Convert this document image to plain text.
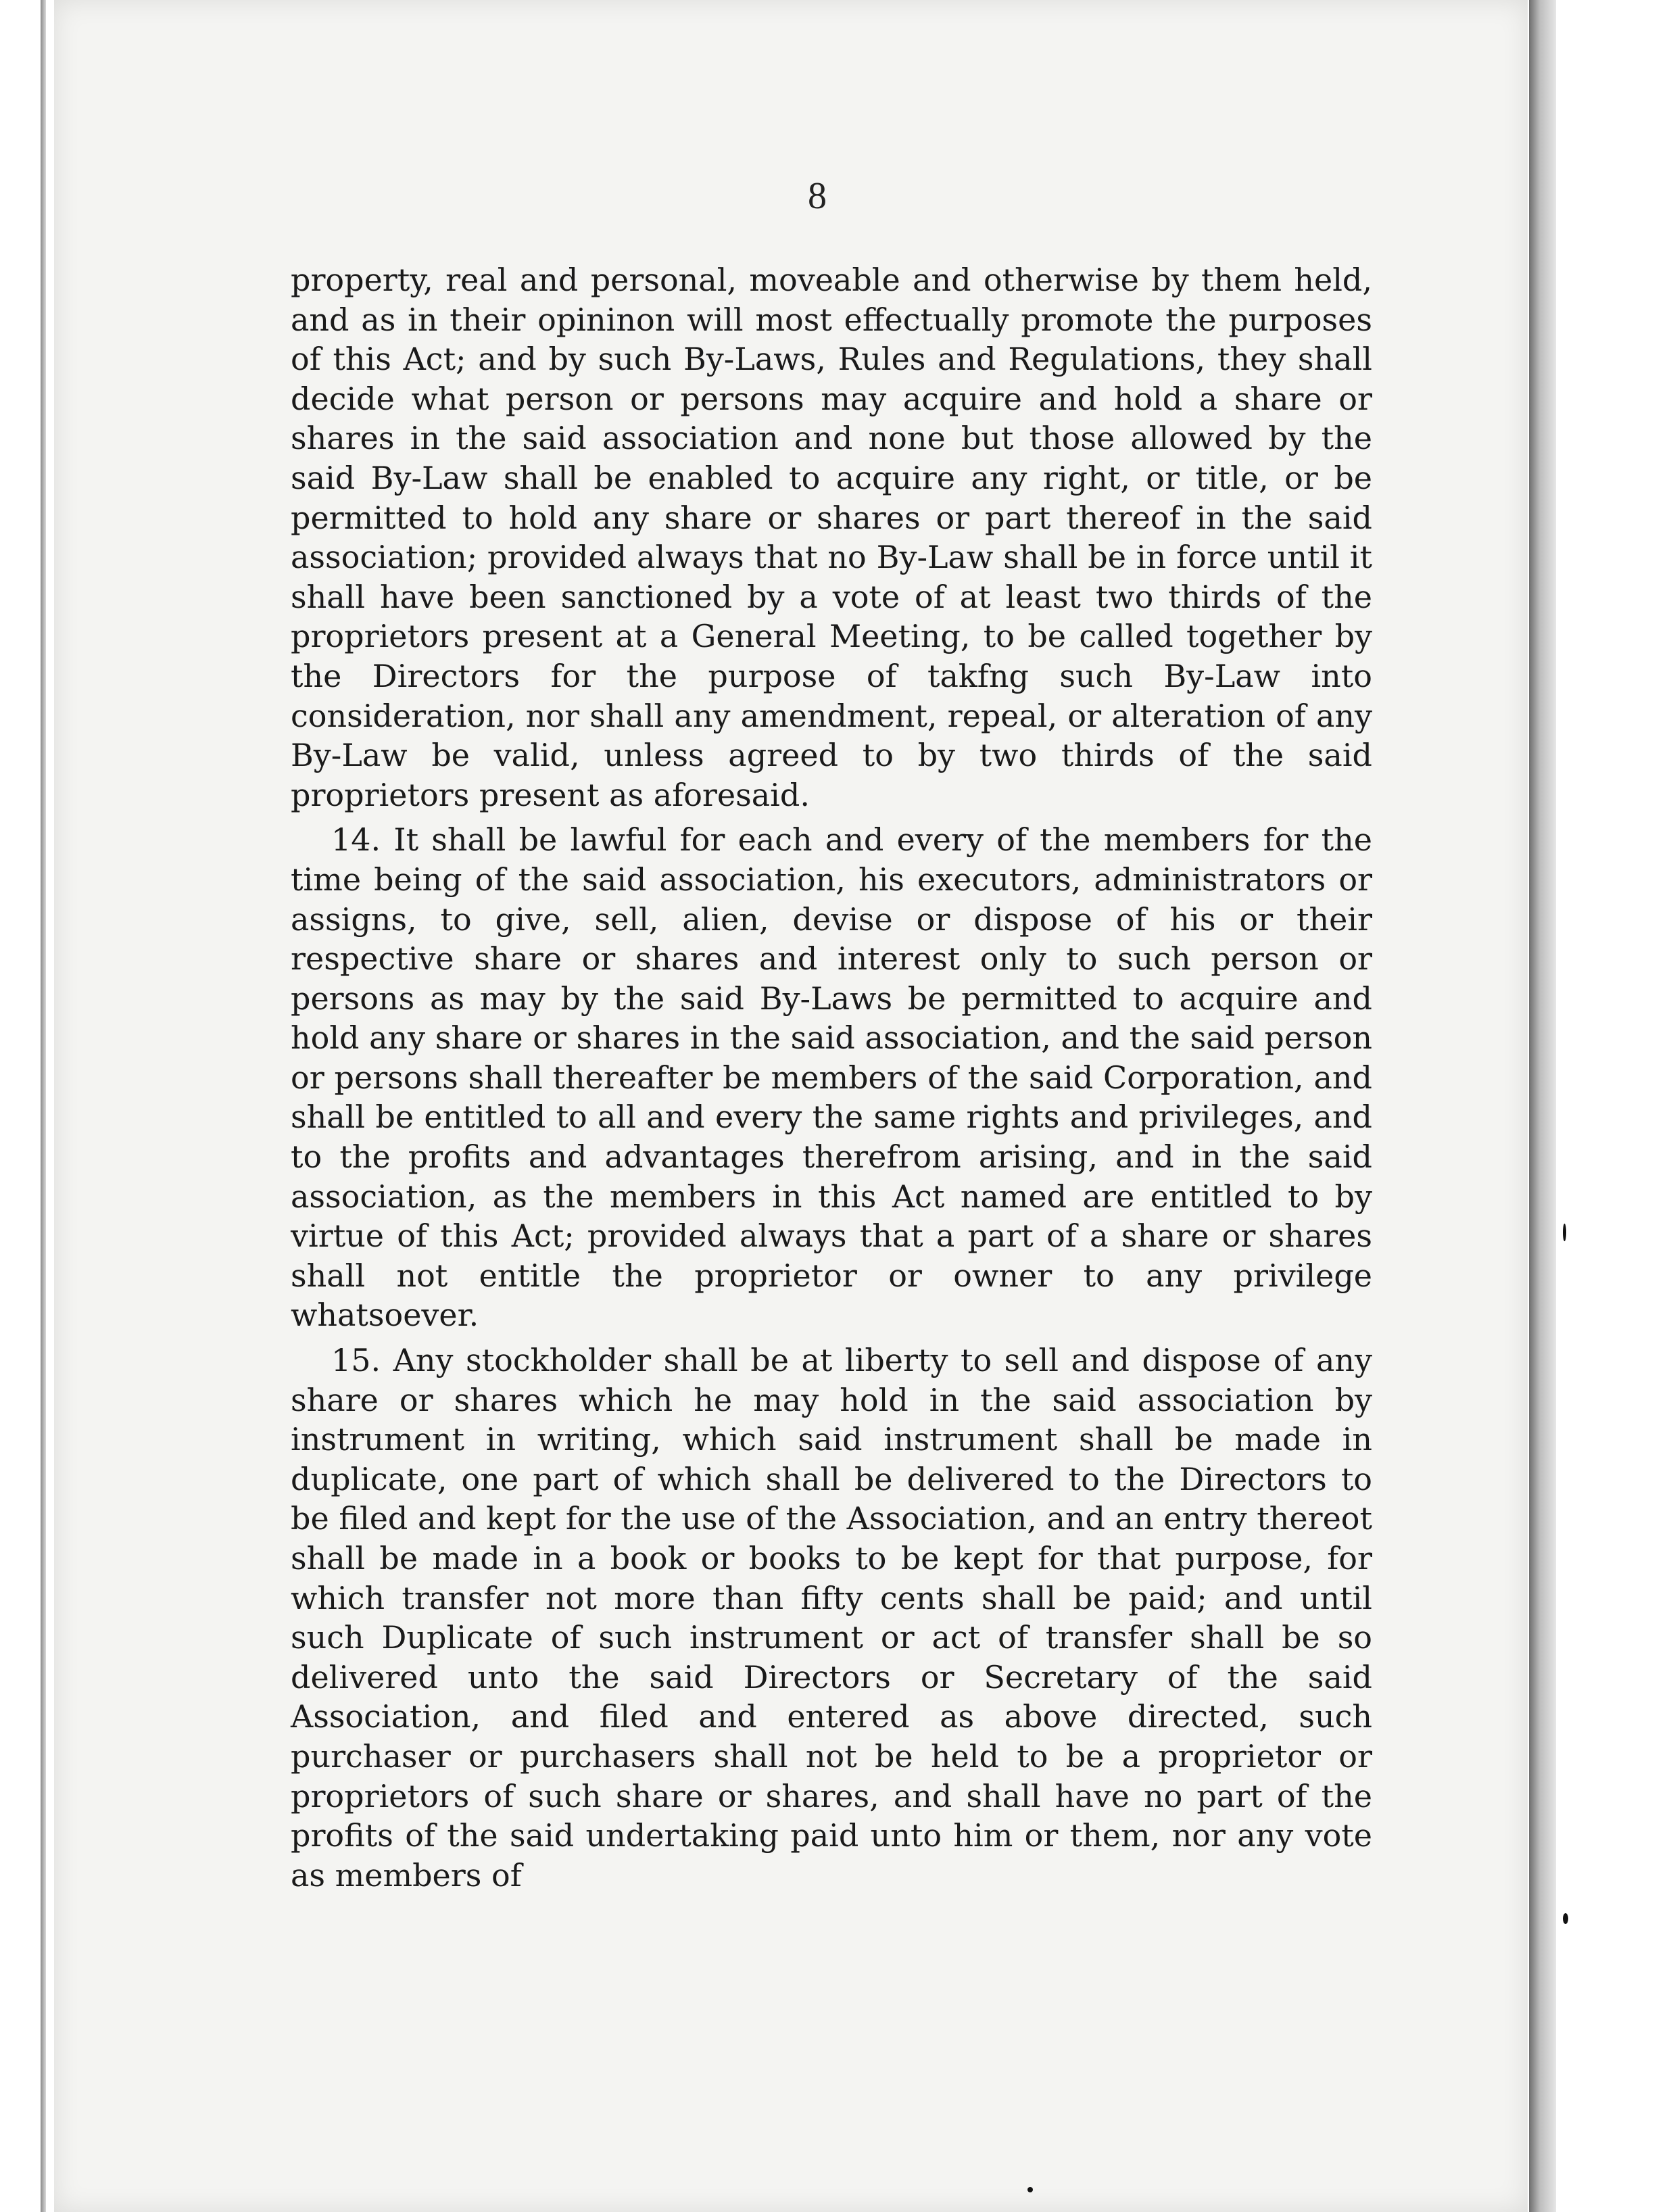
8

property, real and personal, moveable and otherwise by them held, and as in their opininon will most effectually promote the purposes of this Act; and by such By-Laws, Rules and Regulations, they shall decide what person or persons may acquire and hold a share or shares in the said association and none but those allowed by the said By-Law shall be enabled to acquire any right, or title, or be permitted to hold any share or shares or part thereof in the said association; provided always that no By-Law shall be in force until it shall have been sanctioned by a vote of at least two thirds of the proprietors present at a General Meeting, to be called together by the Directors for the purpose of takfng such By-Law into consideration, nor shall any amendment, repeal, or alteration of any By-Law be valid, unless agreed to by two thirds of the said proprietors present as aforesaid.

14. It shall be lawful for each and every of the members for the time being of the said association, his executors, administrators or assigns, to give, sell, alien, devise or dispose of his or their respective share or shares and interest only to such person or persons as may by the said By-Laws be permitted to acquire and hold any share or shares in the said association, and the said person or persons shall thereafter be members of the said Corporation, and shall be entitled to all and every the same rights and privileges, and to the profits and advantages therefrom arising, and in the said association, as the members in this Act named are entitled to by virtue of this Act; provided always that a part of a share or shares shall not entitle the proprietor or owner to any privilege whatsoever.

15. Any stockholder shall be at liberty to sell and dispose of any share or shares which he may hold in the said association by instrument in writing, which said instrument shall be made in duplicate, one part of which shall be delivered to the Directors to be filed and kept for the use of the Association, and an entry thereot shall be made in a book or books to be kept for that purpose, for which transfer not more than fifty cents shall be paid; and until such Duplicate of such instrument or act of transfer shall be so delivered unto the said Directors or Secretary of the said Association, and filed and entered as above directed, such purchaser or purchasers shall not be held to be a proprietor or proprietors of such share or shares, and shall have no part of the profits of the said undertaking paid unto him or them, nor any vote as members of
